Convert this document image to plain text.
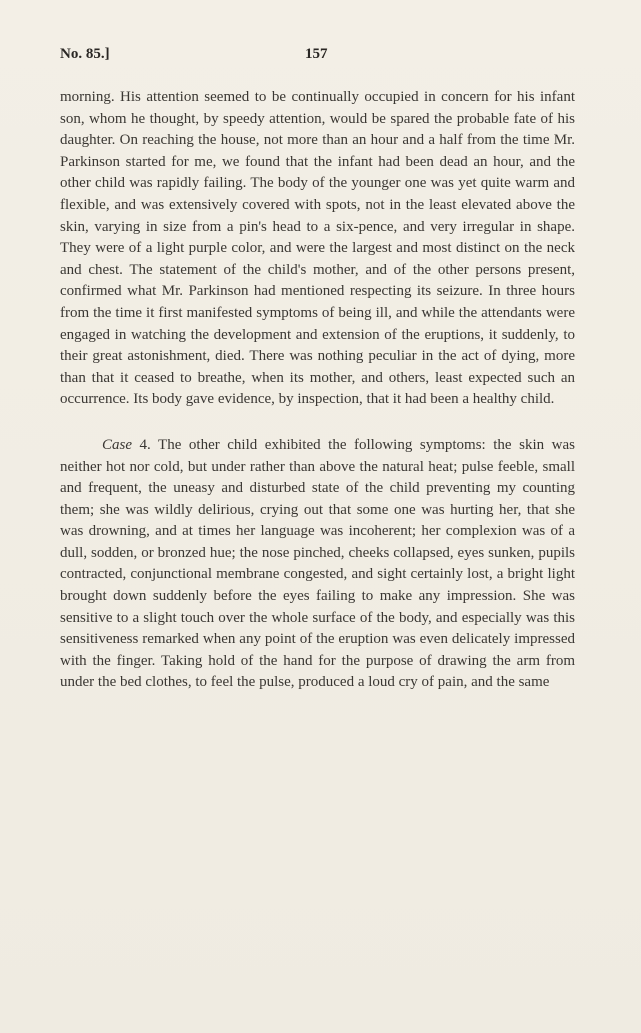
No. 85.]	157

morning. His attention seemed to be continually occupied in concern for his infant son, whom he thought, by speedy attention, would be spared the probable fate of his daughter. On reaching the house, not more than an hour and a half from the time Mr. Parkinson started for me, we found that the infant had been dead an hour, and the other child was rapidly failing. The body of the younger one was yet quite warm and flexible, and was extensively covered with spots, not in the least elevated above the skin, varying in size from a pin's head to a six-pence, and very irregular in shape. They were of a light purple color, and were the largest and most distinct on the neck and chest. The statement of the child's mother, and of the other persons present, confirmed what Mr. Parkinson had mentioned respecting its seizure. In three hours from the time it first manifested symptoms of being ill, and while the attendants were engaged in watching the development and extension of the eruptions, it suddenly, to their great astonishment, died. There was nothing peculiar in the act of dying, more than that it ceased to breathe, when its mother, and others, least expected such an occurrence. Its body gave evidence, by inspection, that it had been a healthy child.

Case 4. The other child exhibited the following symptoms: the skin was neither hot nor cold, but under rather than above the natural heat; pulse feeble, small and frequent, the uneasy and disturbed state of the child preventing my counting them; she was wildly delirious, crying out that some one was hurting her, that she was drowning, and at times her language was incoherent; her complexion was of a dull, sodden, or bronzed hue; the nose pinched, cheeks collapsed, eyes sunken, pupils contracted, conjunctional membrane congested, and sight certainly lost, a bright light brought down suddenly before the eyes failing to make any impression. She was sensitive to a slight touch over the whole surface of the body, and especially was this sensitiveness remarked when any point of the eruption was even delicately impressed with the finger. Taking hold of the hand for the purpose of drawing the arm from under the bed clothes, to feel the pulse, produced a loud cry of pain, and the same
